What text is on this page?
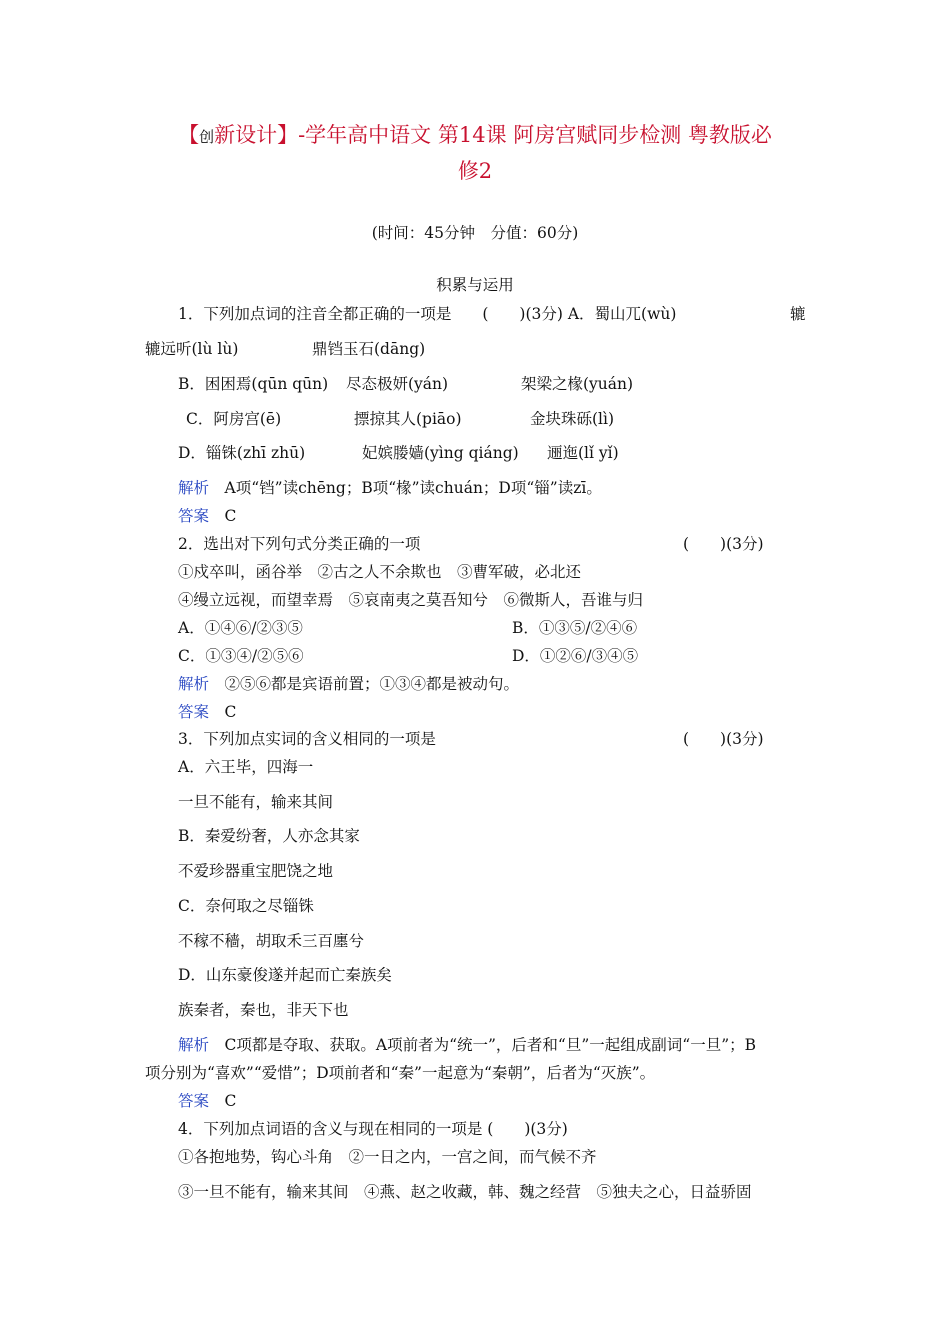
【创新设计】-学年高中语文 第14课 阿房宫赋同步检测 粤教版必
修2
(时间：45分钟　分值：60分)
积累与运用
1．下列加点词的注音全都正确的一项是　　(　　)(3分) A．蜀山兀(wù)	辘
辘远听(lù lù)	鼎铛玉石(dāng)
B．困困焉(qūn qūn) 尽态极妍(yán)	架梁之椽(yuán)
C．阿房宫(ē)	摽掠其人(piāo)	金块珠砾(lì)
D．锱铢(zhī zhū)	妃嫔媵嫱(yìng qiáng) 逦迤(lǐ yǐ)
解析　 A项“铛”读chēng；B项“椽”读chuán；D项“锱”读zī。
答案　 C
2．选出对下列句式分类正确的一项	(　　)(3分)
①戍卒叫，函谷举　②古之人不余欺也　③曹军破，必北还
④缦立远视，而望幸焉　⑤哀南夷之莫吾知兮　⑥微斯人，吾谁与归
A．①④⑥/②③⑤	B．①③⑤/②④⑥
C．①③④/②⑤⑥	D．①②⑥/③④⑤
解析　 ②⑤⑥都是宾语前置；①③④都是被动句。
答案　 C
3．下列加点实词的含义相同的一项是	(　　)(3分)
A．六王毕，四海一
一旦不能有，输来其间
B．秦爱纷奢，人亦念其家
不爱珍器重宝肥饶之地
C．奈何取之尽锱铢
不稼不穑，胡取禾三百廛兮
D．山东豪俊遂并起而亡秦族矣
族秦者，秦也，非天下也
解析　 C项都是夺取、获取。A项前者为“统一”，后者和“旦”一起组成副词“一旦”；B
项分别为“喜欢”“爱惜”；D项前者和“秦”一起意为“秦朝”，后者为“灭族”。
答案　 C
4．下列加点词语的含义与现在相同的一项是 (　　)(3分)
①各抱地势，钩心斗角　②一日之内，一宫之间，而气候不齐
③一旦不能有，输来其间　④燕、赵之收藏，韩、魏之经营　⑤独夫之心，日益骄固
